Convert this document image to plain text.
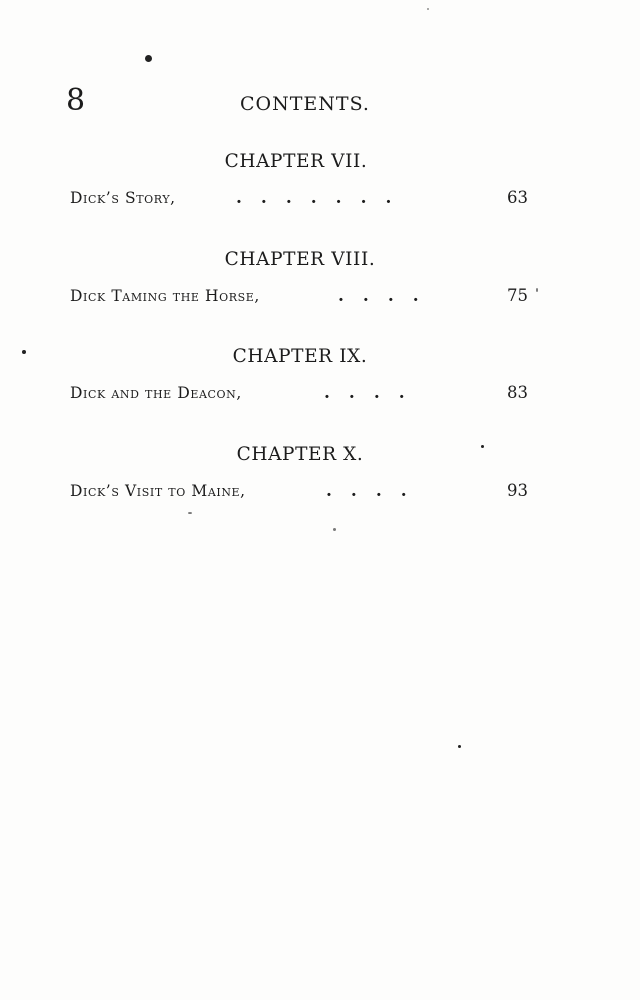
8	CONTENTS.
CHAPTER VII.
Dick’s Story,	.......	63
CHAPTER VIII.
Dick Taming the Horse,	....	75
CHAPTER IX.
Dick and the Deacon,	....	83
CHAPTER X.
Dick’s Visit to Maine,	....	93
